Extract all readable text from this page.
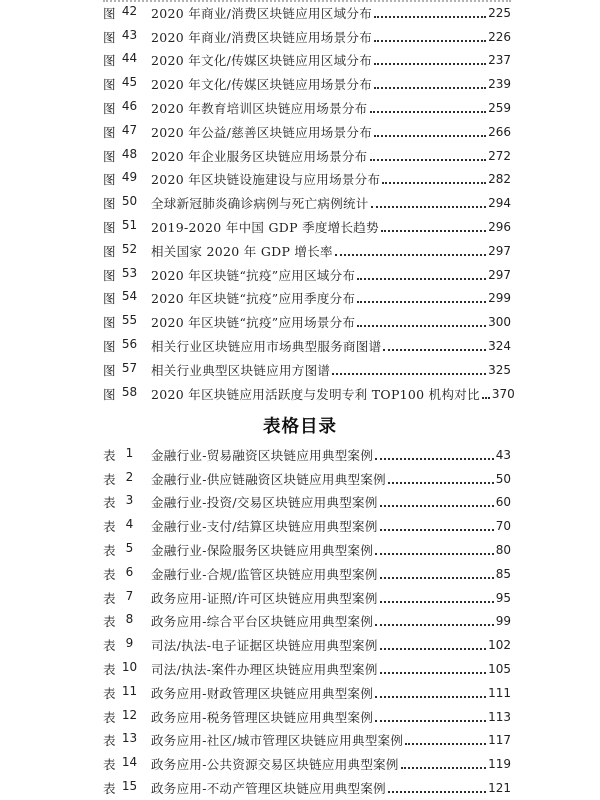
图 42 2020 年商业/消费区块链应用区域分布	225
图 43 2020 年商业/消费区块链应用场景分布	226
图 44 2020 年文化/传媒区块链应用区域分布	237
图 45 2020 年文化/传媒区块链应用场景分布	239
图 46 2020 年教育培训区块链应用场景分布	259
图 47 2020 年公益/慈善区块链应用场景分布	266
图 48 2020 年企业服务区块链应用场景分布	272
图 49 2020 年区块链设施建设与应用场景分布	282
图 50 全球新冠肺炎确诊病例与死亡病例统计	294
图 51 2019-2020 年中国 GDP 季度增长趋势	296
图 52 相关国家 2020 年 GDP 增长率	297
图 53 2020 年区块链“抗疫”应用区域分布	297
图 54 2020 年区块链“抗疫”应用季度分布	299
图 55 2020 年区块链“抗疫”应用场景分布	300
图 56 相关行业区块链应用市场典型服务商图谱	324
图 57 相关行业典型区块链应用方图谱	325
图 58 2020 年区块链应用活跃度与发明专利 TOP100 机构对比 370
表格目录
表 1	金融行业-贸易融资区块链应用典型案例	43
表 2	金融行业-供应链融资区块链应用典型案例	50
表 3	金融行业-投资/交易区块链应用典型案例	60
表 4	金融行业-支付/结算区块链应用典型案例	70
表 5	金融行业-保险服务区块链应用典型案例	80
表 6	金融行业-合规/监管区块链应用典型案例	85
表 7	政务应用-证照/许可区块链应用典型案例	95
表 8	政务应用-综合平台区块链应用典型案例	99
表 9	司法/执法-电子证据区块链应用典型案例	102
表 10 司法/执法-案件办理区块链应用典型案例	105
表 11 政务应用-财政管理区块链应用典型案例	111
表 12 政务应用-税务管理区块链应用典型案例	113
表 13 政务应用-社区/城市管理区块链应用典型案例	117
表 14 政务应用-公共资源交易区块链应用典型案例	119
表 15 政务应用-不动产管理区块链应用典型案例	121
